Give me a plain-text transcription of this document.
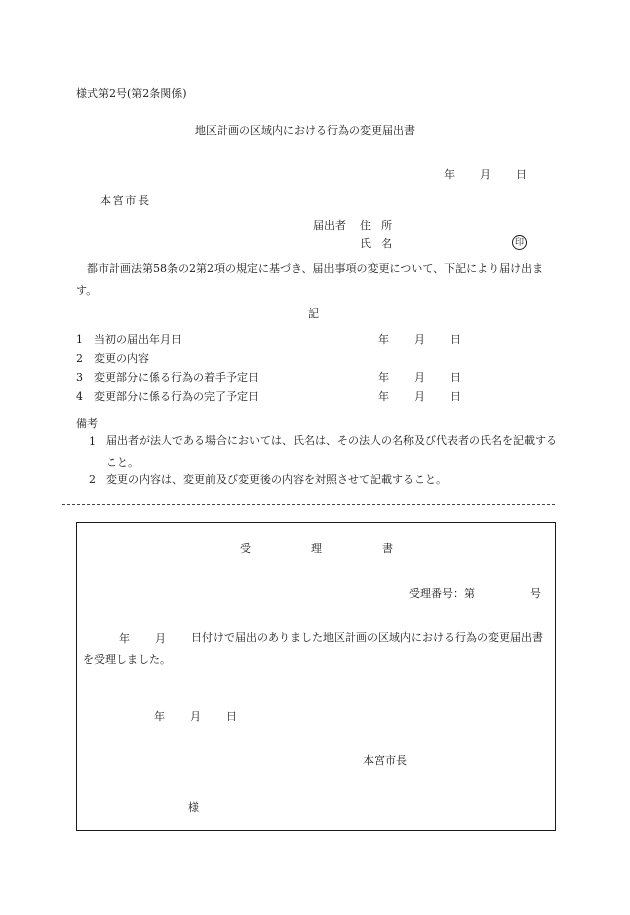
様式第2号(第2条関係)
地区計画の区域内における行為の変更届出書
年 月 日
本宮市長
届出者 住 所
氏 名	印
都市計画法第58条の2第2項の規定に基づき、届出事項の変更について、下記により届け出ます。
記
1 当初の届出年月日	年 月 日
2 変更の内容
3 変更部分に係る行為の着手予定日	年 月 日
4 変更部分に係る行為の完了予定日	年 月 日
備考
1 届出者が法人である場合においては、氏名は、その法人の名称及び代表者の氏名を記載すること。
2 変更の内容は、変更前及び変更後の内容を対照させて記載すること。
受	理	書
受理番号：第	号
年 月	日付けで届出のありました地区計画の区域内における行為の変更届出書を受理しました。
年 月 日
本宮市長
様
